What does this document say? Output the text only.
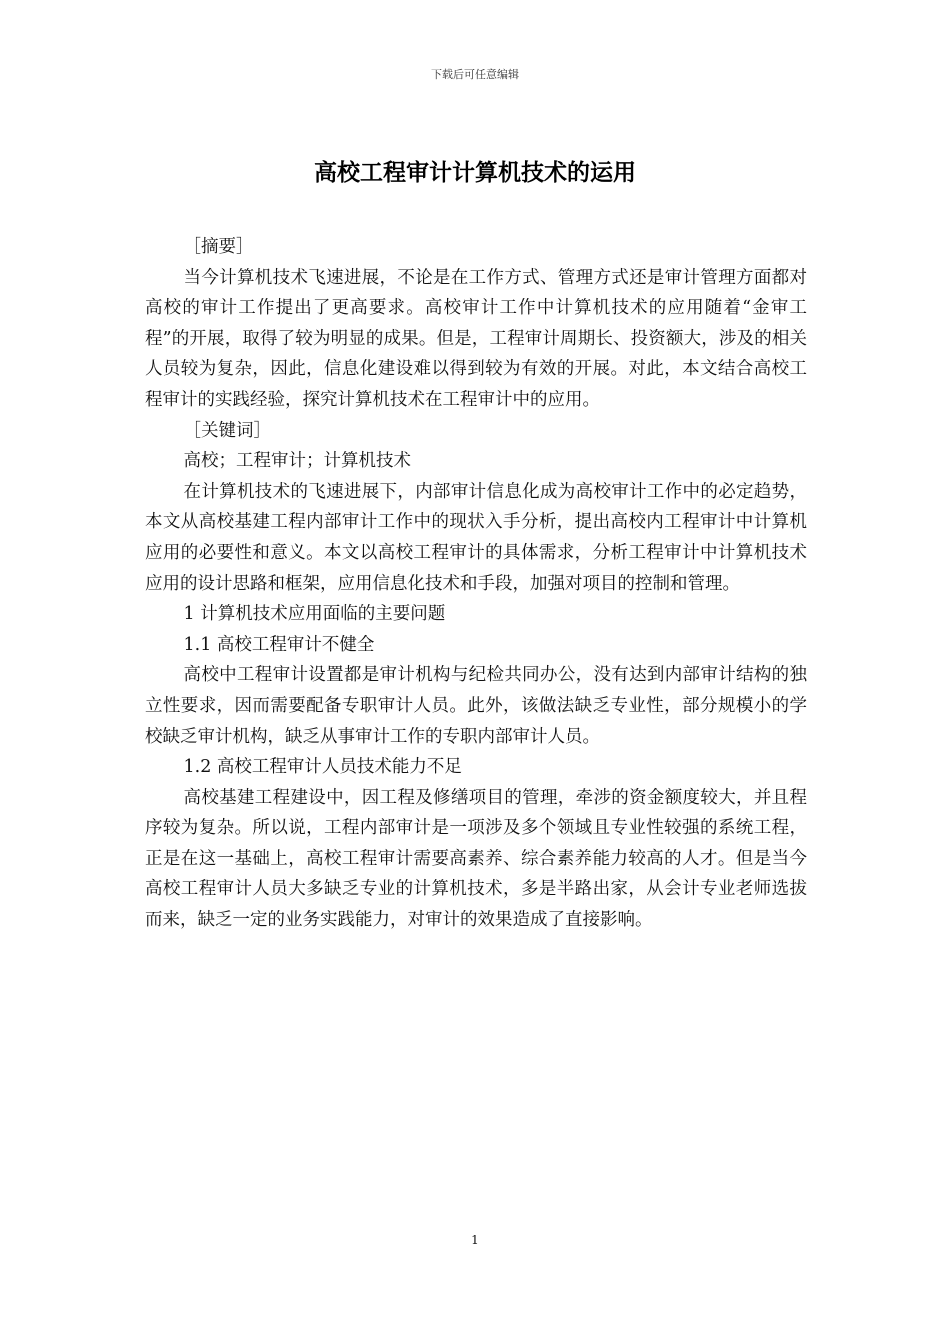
下载后可任意编辑
高校工程审计计算机技术的运用

［摘要］

当今计算机技术飞速进展，不论是在工作方式、管理方式还是审计管理方面都对高校的审计工作提出了更高要求。高校审计工作中计算机技术的应用随着“金审工程”的开展，取得了较为明显的成果。但是，工程审计周期长、投资额大，涉及的相关人员较为复杂，因此，信息化建设难以得到较为有效的开展。对此，本文结合高校工程审计的实践经验，探究计算机技术在工程审计中的应用。

［关键词］

高校；工程审计；计算机技术

在计算机技术的飞速进展下，内部审计信息化成为高校审计工作中的必定趋势，本文从高校基建工程内部审计工作中的现状入手分析，提出高校内工程审计中计算机应用的必要性和意义。本文以高校工程审计的具体需求，分析工程审计中计算机技术应用的设计思路和框架，应用信息化技术和手段，加强对项目的控制和管理。

1 计算机技术应用面临的主要问题

1.1 高校工程审计不健全

高校中工程审计设置都是审计机构与纪检共同办公，没有达到内部审计结构的独立性要求，因而需要配备专职审计人员。此外，该做法缺乏专业性，部分规模小的学校缺乏审计机构，缺乏从事审计工作的专职内部审计人员。

1.2 高校工程审计人员技术能力不足

高校基建工程建设中，因工程及修缮项目的管理，牵涉的资金额度较大，并且程序较为复杂。所以说，工程内部审计是一项涉及多个领域且专业性较强的系统工程，正是在这一基础上，高校工程审计需要高素养、综合素养能力较高的人才。但是当今高校工程审计人员大多缺乏专业的计算机技术，多是半路出家，从会计专业老师选拔而来，缺乏一定的业务实践能力，对审计的效果造成了直接影响。

1
